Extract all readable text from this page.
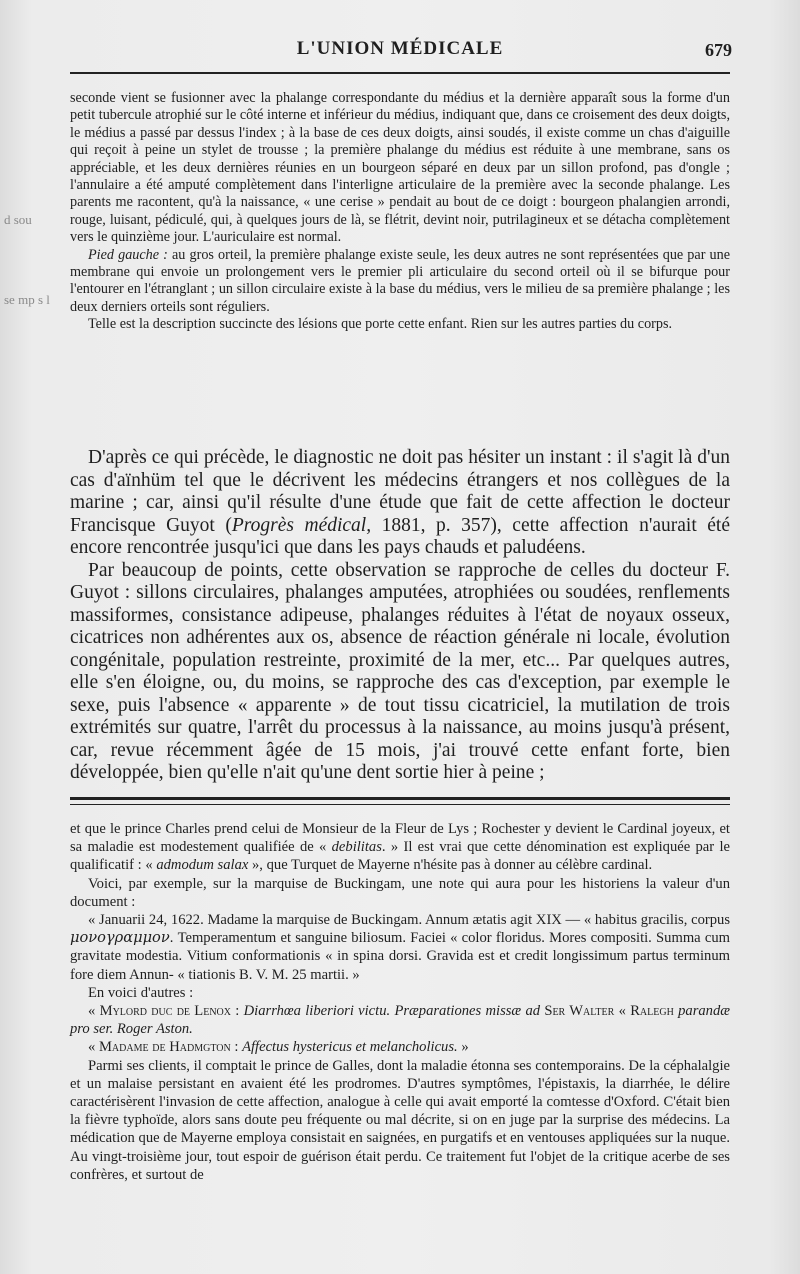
L'UNION MÉDICALE	679
d sou
se mp s l

seconde vient se fusionner avec la phalange correspondante du médius et la dernière apparaît sous la forme d'un petit tubercule atrophié sur le côté interne et inférieur du médius, indiquant que, dans ce croisement des deux doigts, le médius a passé par dessus l'index ; à la base de ces deux doigts, ainsi soudés, il existe comme un chas d'aiguille qui reçoit à peine un stylet de trousse ; la première phalange du médius est réduite à une membrane, sans os appréciable, et les deux dernières réunies en un bourgeon séparé en deux par un sillon profond, pas d'ongle ; l'annulaire a été amputé complètement dans l'interligne articulaire de la première avec la seconde phalange. Les parents me racontent, qu'à la naissance, « une cerise » pendait au bout de ce doigt : bourgeon phalangien arrondi, rouge, luisant, pédiculé, qui, à quelques jours de là, se flétrit, devint noir, putrilagineux et se détacha complètement vers le quinzième jour. L'auriculaire est normal.

Pied gauche : au gros orteil, la première phalange existe seule, les deux autres ne sont représentées que par une membrane qui envoie un prolongement vers le premier pli articulaire du second orteil où il se bifurque pour l'entourer en l'étranglant ; un sillon circulaire existe à la base du médius, vers le milieu de sa première phalange ; les deux derniers orteils sont réguliers.

Telle est la description succincte des lésions que porte cette enfant. Rien sur les autres parties du corps.

D'après ce qui précède, le diagnostic ne doit pas hésiter un instant : il s'agit là d'un cas d'aïnhüm tel que le décrivent les médecins étrangers et nos collègues de la marine ; car, ainsi qu'il résulte d'une étude que fait de cette affection le docteur Francisque Guyot (Progrès médical, 1881, p. 357), cette affection n'aurait été encore rencontrée jusqu'ici que dans les pays chauds et paludéens.

Par beaucoup de points, cette observation se rapproche de celles du docteur F. Guyot : sillons circulaires, phalanges amputées, atrophiées ou soudées, renflements massiformes, consistance adipeuse, phalanges réduites à l'état de noyaux osseux, cicatrices non adhérentes aux os, absence de réaction générale ni locale, évolution congénitale, population restreinte, proximité de la mer, etc... Par quelques autres, elle s'en éloigne, ou, du moins, se rapproche des cas d'exception, par exemple le sexe, puis l'absence « apparente » de tout tissu cicatriciel, la mutilation de trois extrémités sur quatre, l'arrêt du processus à la naissance, au moins jusqu'à présent, car, revue récemment âgée de 15 mois, j'ai trouvé cette enfant forte, bien développée, bien qu'elle n'ait qu'une dent sortie hier à peine ;

et que le prince Charles prend celui de Monsieur de la Fleur de Lys ; Rochester y devient le Cardinal joyeux, et sa maladie est modestement qualifiée de « debilitas. » Il est vrai que cette dénomination est expliquée par le qualificatif : « admodum salax », que Turquet de Mayerne n'hésite pas à donner au célèbre cardinal.

Voici, par exemple, sur la marquise de Buckingam, une note qui aura pour les historiens la valeur d'un document :

« Januarii 24, 1622. Madame la marquise de Buckingam. Annum ætatis agit XIX — « habitus gracilis, corpus μονογραμμον. Temperamentum et sanguine biliosum. Faciei « color floridus. Mores compositi. Summa cum gravitate modestia. Vitium conformationis « in spina dorsi. Gravida est et credit longissimum partus terminum fore diem Annun- « tiationis B. V. M. 25 martii. »

En voici d'autres :

« Mylord duc de Lenox : Diarrhœa liberiori victu. Præparationes missæ ad Ser Walter « Ralegh parandæ pro ser. Roger Aston.

« Madame de Hadmgton : Affectus hystericus et melancholicus. »

Parmi ses clients, il comptait le prince de Galles, dont la maladie étonna ses contemporains. De la céphalalgie et un malaise persistant en avaient été les prodromes. D'autres symptômes, l'épistaxis, la diarrhée, le délire caractérisèrent l'invasion de cette affection, analogue à celle qui avait emporté la comtesse d'Oxford. C'était bien la fièvre typhoïde, alors sans doute peu fréquente ou mal décrite, si on en juge par la surprise des médecins. La médication que de Mayerne employa consistait en saignées, en purgatifs et en ventouses appliquées sur la nuque. Au vingt-troisième jour, tout espoir de guérison était perdu. Ce traitement fut l'objet de la critique acerbe de ses confrères, et surtout de
